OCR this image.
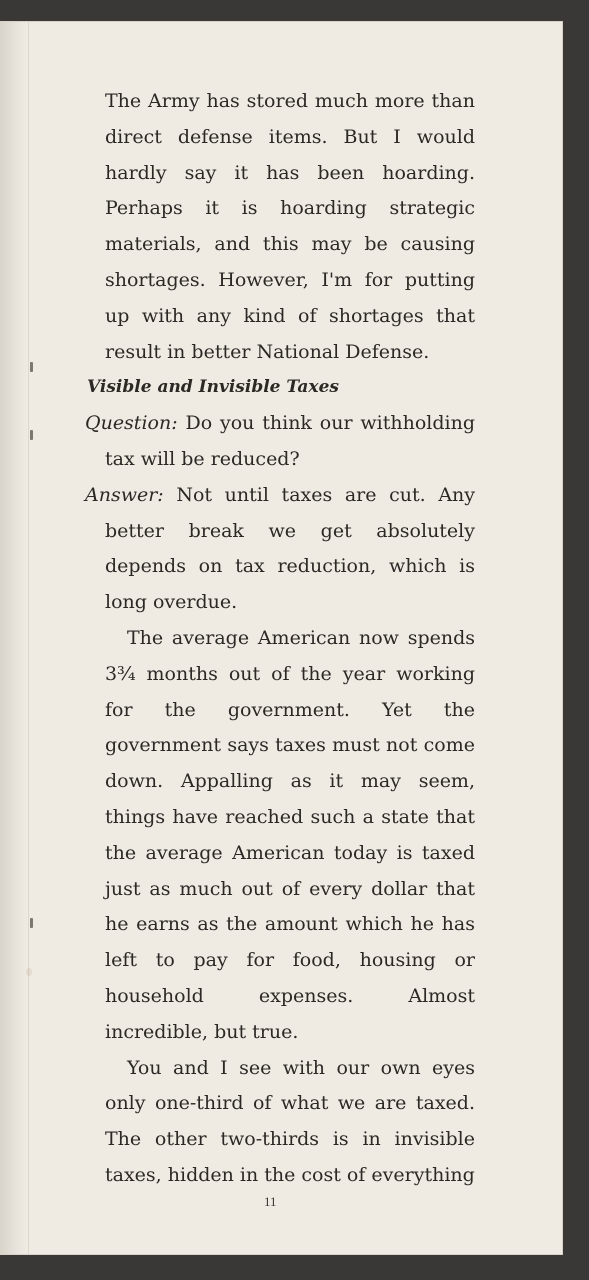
The Army has stored much more than direct defense items. But I would hardly say it has been hoarding. Perhaps it is hoarding strategic materials, and this may be causing shortages. However, I'm for putting up with any kind of shortages that result in better National Defense.

Visible and Invisible Taxes

Question: Do you think our withholding tax will be reduced?

Answer: Not until taxes are cut. Any better break we get absolutely depends on tax reduction, which is long overdue.

The average American now spends 3¾ months out of the year working for the government. Yet the government says taxes must not come down. Appalling as it may seem, things have reached such a state that the average American today is taxed just as much out of every dollar that he earns as the amount which he has left to pay for food, housing or household expenses. Almost incredible, but true.

You and I see with our own eyes only one-third of what we are taxed. The other two-thirds is in invisible taxes, hidden in the cost of everything

11
